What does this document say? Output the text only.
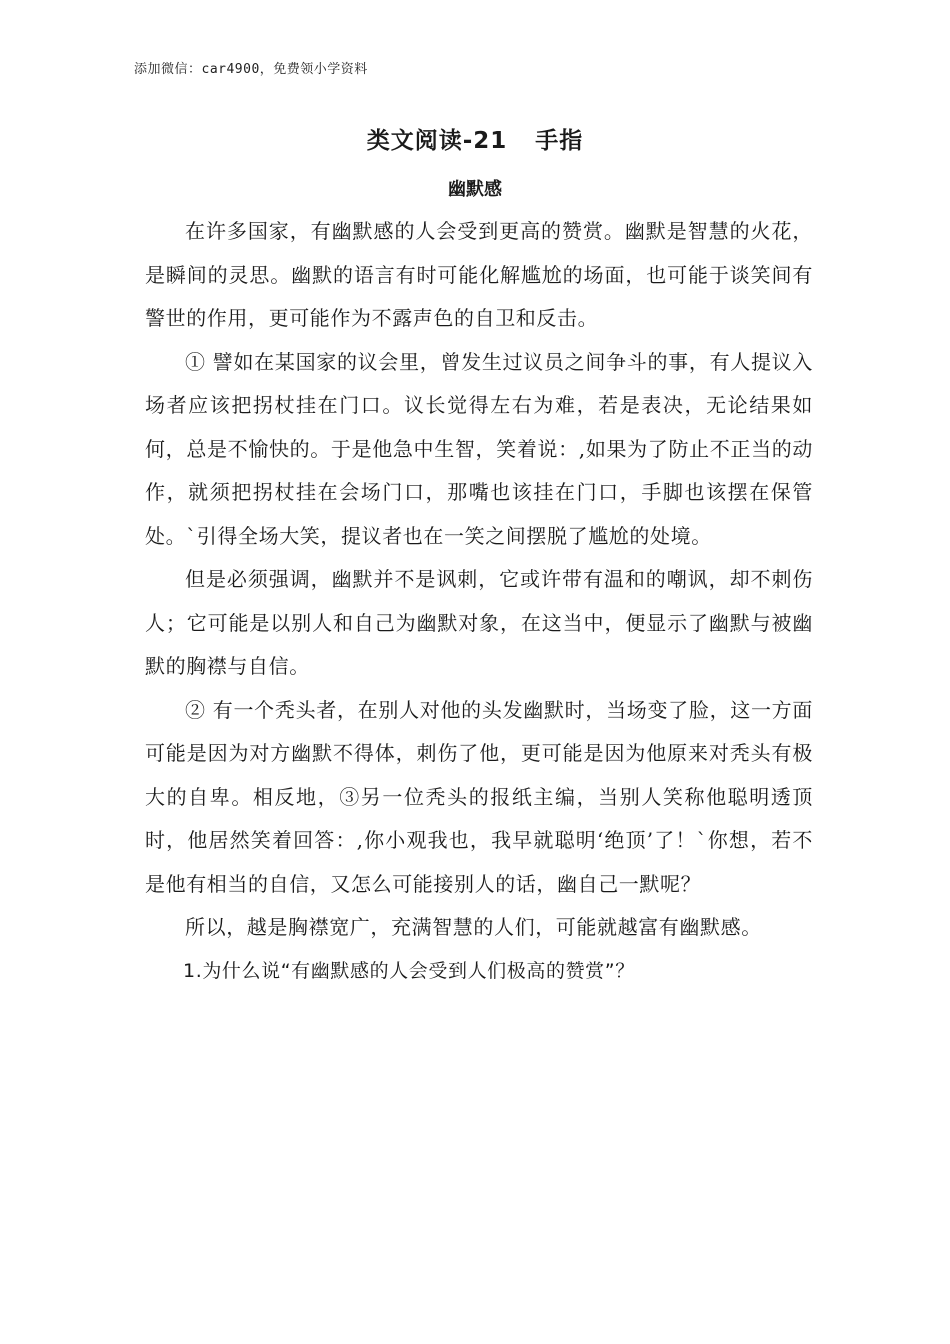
添加微信：car4900，免费领小学资料
类文阅读-21 手指
幽默感

在许多国家，有幽默感的人会受到更高的赞赏。幽默是智慧的火花，是瞬间的灵思。幽默的语言有时可能化解尴尬的场面，也可能于谈笑间有警世的作用，更可能作为不露声色的自卫和反击。

① 譬如在某国家的议会里，曾发生过议员之间争斗的事，有人提议入场者应该把拐杖挂在门口。议长觉得左右为难，若是表决，无论结果如何，总是不愉快的。于是他急中生智，笑着说：,如果为了防止不正当的动作，就须把拐杖挂在会场门口，那嘴也该挂在门口，手脚也该摆在保管处。`引得全场大笑，提议者也在一笑之间摆脱了尴尬的处境。

但是必须强调，幽默并不是讽刺，它或许带有温和的嘲讽，却不刺伤人；它可能是以别人和自己为幽默对象，在这当中，便显示了幽默与被幽默的胸襟与自信。

② 有一个秃头者，在别人对他的头发幽默时，当场变了脸，这一方面可能是因为对方幽默不得体，刺伤了他，更可能是因为他原来对秃头有极大的自卑。相反地，③另一位秃头的报纸主编，当别人笑称他聪明透顶时，他居然笑着回答：,你小观我也，我早就聪明‘绝顶’了！`你想，若不是他有相当的自信，又怎么可能接别人的话，幽自己一默呢？

所以，越是胸襟宽广，充满智慧的人们，可能就越富有幽默感。

1.为什么说“有幽默感的人会受到人们极高的赞赏”？
